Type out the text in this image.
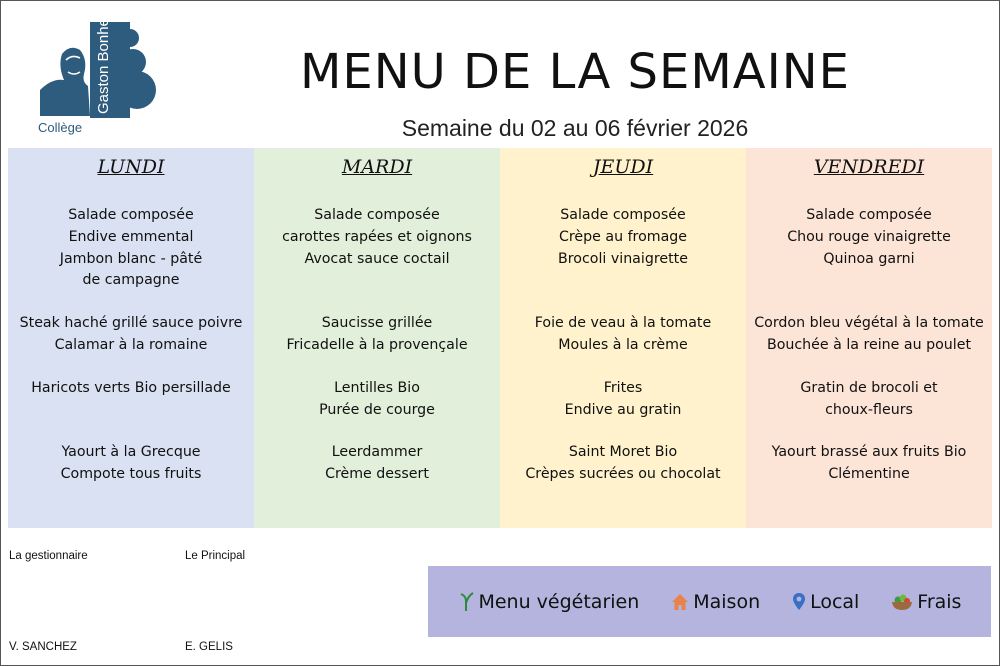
Gaston Bonheur
Collège
MENU DE LA SEMAINE
Semaine du 02 au 06 février 2026
LUNDI
Salade composée
Endive emmental
Jambon blanc - pâté
de campagne
Steak haché grillé sauce poivre
Calamar à la romaine
Haricots verts Bio persillade
Yaourt à la Grecque
Compote tous fruits
MARDI
Salade composée
carottes rapées et oignons
Avocat sauce coctail
Saucisse grillée
Fricadelle à la provençale
Lentilles Bio
Purée de courge
Leerdammer
Crème dessert
JEUDI
Salade composée
Crèpe au fromage
Brocoli vinaigrette
Foie de veau à la tomate
Moules à la crème
Frites
Endive au gratin
Saint Moret Bio
Crèpes sucrées ou chocolat
VENDREDI
Salade composée
Chou rouge vinaigrette
Quinoa garni
Cordon bleu végétal à la tomate
Bouchée à la reine au poulet
Gratin de brocoli et
choux-fleurs
Yaourt brassé aux fruits Bio
Clémentine
La gestionnaire	Le Principal
V. SANCHEZ	E. GELIS
Menu végétarien	Maison	Local	Frais
